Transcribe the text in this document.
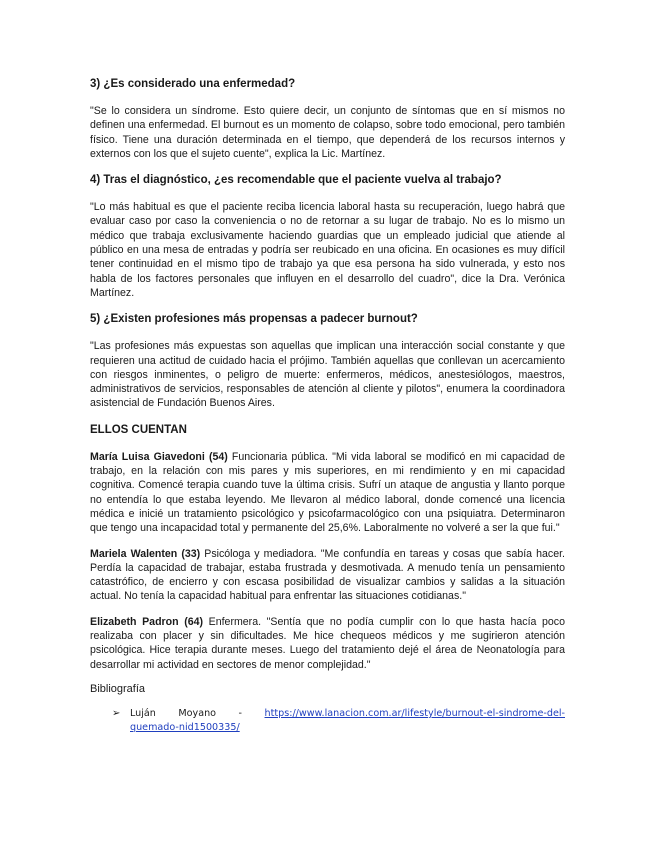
3) ¿Es considerado una enfermedad?

"Se lo considera un síndrome. Esto quiere decir, un conjunto de síntomas que en sí mismos no definen una enfermedad. El burnout es un momento de colapso, sobre todo emocional, pero también físico. Tiene una duración determinada en el tiempo, que dependerá de los recursos internos y externos con los que el sujeto cuente", explica la Lic. Martínez.

4) Tras el diagnóstico, ¿es recomendable que el paciente vuelva al trabajo?

"Lo más habitual es que el paciente reciba licencia laboral hasta su recuperación, luego habrá que evaluar caso por caso la conveniencia o no de retornar a su lugar de trabajo. No es lo mismo un médico que trabaja exclusivamente haciendo guardias que un empleado judicial que atiende al público en una mesa de entradas y podría ser reubicado en una oficina. En ocasiones es muy difícil tener continuidad en el mismo tipo de trabajo ya que esa persona ha sido vulnerada, y esto nos habla de los factores personales que influyen en el desarrollo del cuadro", dice la Dra. Verónica Martínez.

5) ¿Existen profesiones más propensas a padecer burnout?

"Las profesiones más expuestas son aquellas que implican una interacción social constante y que requieren una actitud de cuidado hacia el prójimo. También aquellas que conllevan un acercamiento con riesgos inminentes, o peligro de muerte: enfermeros, médicos, anestesiólogos, maestros, administrativos de servicios, responsables de atención al cliente y pilotos", enumera la coordinadora asistencial de Fundación Buenos Aires.

ELLOS CUENTAN

María Luisa Giavedoni (54) Funcionaria pública. "Mi vida laboral se modificó en mi capacidad de trabajo, en la relación con mis pares y mis superiores, en mi rendimiento y en mi capacidad cognitiva. Comencé terapia cuando tuve la última crisis. Sufrí un ataque de angustia y llanto porque no entendía lo que estaba leyendo. Me llevaron al médico laboral, donde comencé una licencia médica e inicié un tratamiento psicológico y psicofarmacológico con una psiquiatra. Determinaron que tengo una incapacidad total y permanente del 25,6%. Laboralmente no volveré a ser la que fui."

Mariela Walenten (33) Psicóloga y mediadora. "Me confundía en tareas y cosas que sabía hacer. Perdía la capacidad de trabajar, estaba frustrada y desmotivada. A menudo tenía un pensamiento catastrófico, de encierro y con escasa posibilidad de visualizar cambios y salidas a la situación actual. No tenía la capacidad habitual para enfrentar las situaciones cotidianas."

Elizabeth Padron (64) Enfermera. "Sentía que no podía cumplir con lo que hasta hacía poco realizaba con placer y sin dificultades. Me hice chequeos médicos y me sugirieron atención psicológica. Hice terapia durante meses. Luego del tratamiento dejé el área de Neonatología para desarrollar mi actividad en sectores de menor complejidad."

Bibliografía
➢	Luján Moyano - https://www.lanacion.com.ar/lifestyle/burnout-el-sindrome-del-
quemado-nid1500335/
